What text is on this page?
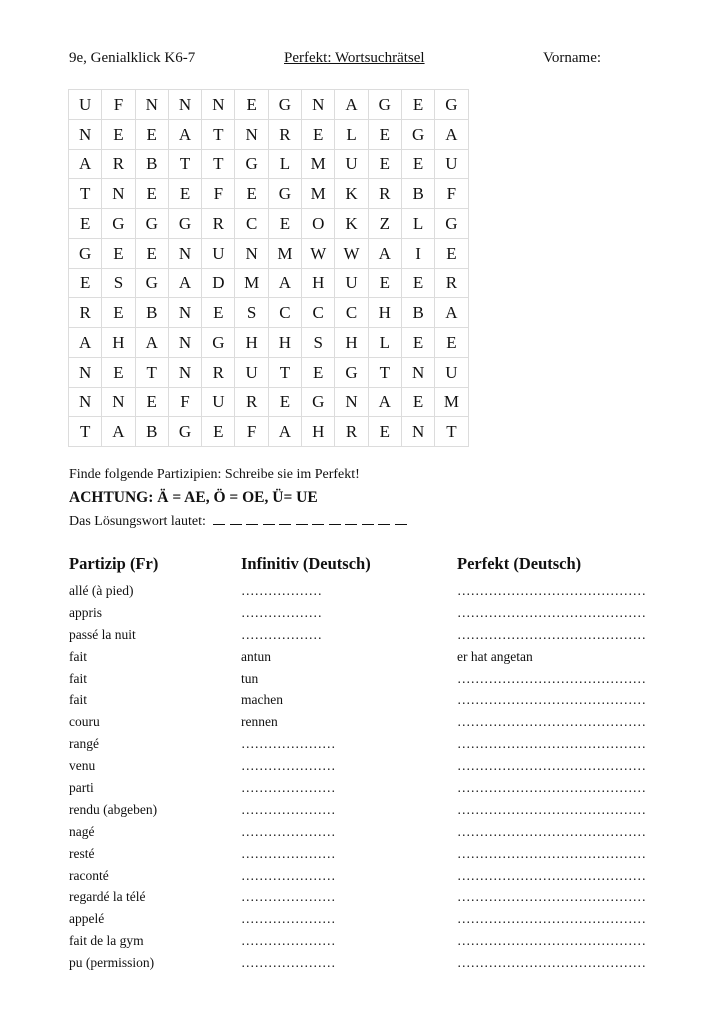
9e, Genialklick K6-7	Perfekt: Wortsuchrätsel	Vorname:
U	F	N	N	N	E	G	N	A	G	E	G
N	E	E	A	T	N	R	E	L	E	G	A
A	R	B	T	T	G	L	M	U	E	E	U
T	N	E	E	F	E	G	M	K	R	B	F
E	G	G	G	R	C	E	O	K	Z	L	G
G	E	E	N	U	N	M	W	W	A	I	E
E	S	G	A	D	M	A	H	U	E	E	R
R	E	B	N	E	S	C	C	C	H	B	A
A	H	A	N	G	H	H	S	H	L	E	E
N	E	T	N	R	U	T	E	G	T	N	U
N	N	E	F	U	R	E	G	N	A	E	M
T	A	B	G	E	F	A	H	R	E	N	T
Finde folgende Partizipien: Schreibe sie im Perfekt!
ACHTUNG: Ä = AE, Ö = OE, Ü= UE
Das Lösungswort lautet:
Partizip (Fr)	Infinitiv (Deutsch)	Perfekt (Deutsch)
allé (à pied)	………………	……………………………………
appris	………………	……………………………………
passé la nuit	………………	……………………………………
fait	antun	er hat angetan
fait	tun	……………………………………
fait	machen	……………………………………
couru	rennen	……………………………………
rangé	…………………	……………………………………
venu	…………………	……………………………………
parti	…………………	……………………………………
rendu (abgeben)	…………………	……………………………………
nagé	…………………	……………………………………
resté	…………………	……………………………………
raconté	…………………	……………………………………
regardé la télé	…………………	……………………………………
appelé	…………………	……………………………………
fait de la gym	…………………	……………………………………
pu (permission)	…………………	……………………………………
